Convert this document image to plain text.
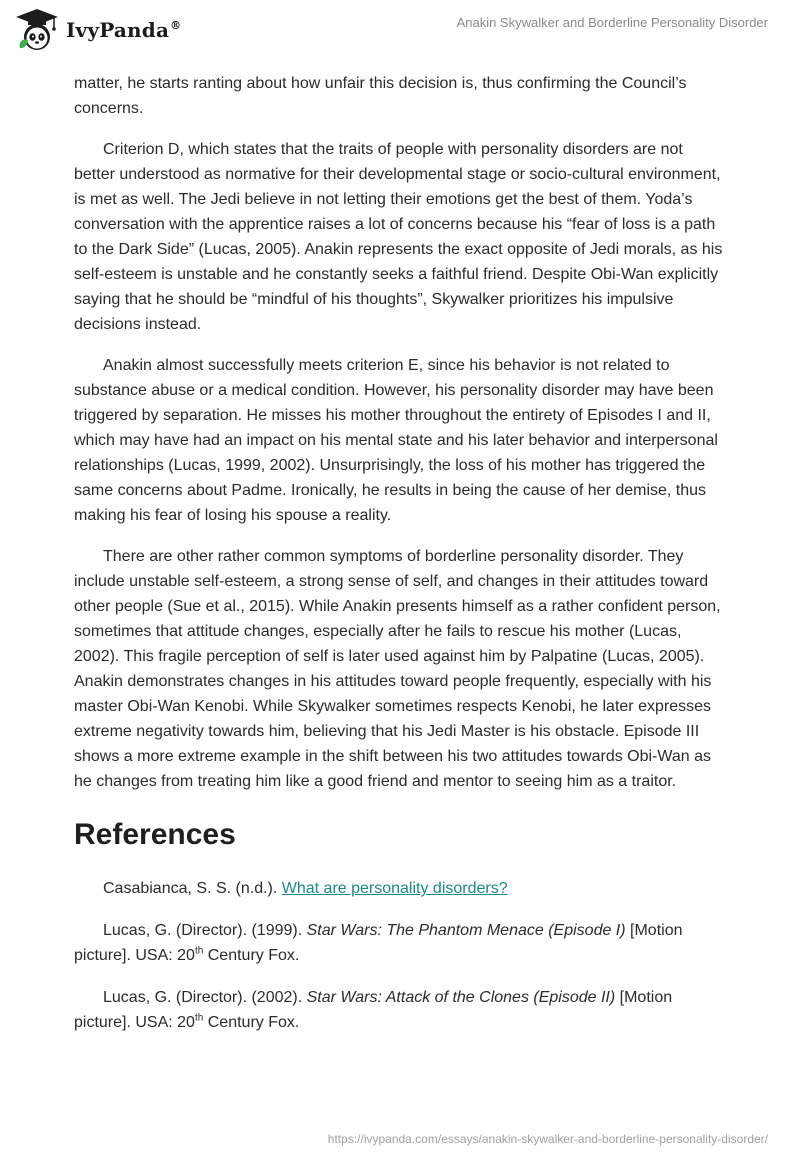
IvyPanda®	Anakin Skywalker and Borderline Personality Disorder

matter, he starts ranting about how unfair this decision is, thus confirming the Council’s concerns.

Criterion D, which states that the traits of people with personality disorders are not better understood as normative for their developmental stage or socio-cultural environment, is met as well. The Jedi believe in not letting their emotions get the best of them. Yoda’s conversation with the apprentice raises a lot of concerns because his “fear of loss is a path to the Dark Side” (Lucas, 2005). Anakin represents the exact opposite of Jedi morals, as his self-esteem is unstable and he constantly seeks a faithful friend. Despite Obi-Wan explicitly saying that he should be “mindful of his thoughts”, Skywalker prioritizes his impulsive decisions instead.

Anakin almost successfully meets criterion E, since his behavior is not related to substance abuse or a medical condition. However, his personality disorder may have been triggered by separation. He misses his mother throughout the entirety of Episodes I and II, which may have had an impact on his mental state and his later behavior and interpersonal relationships (Lucas, 1999, 2002). Unsurprisingly, the loss of his mother has triggered the same concerns about Padme. Ironically, he results in being the cause of her demise, thus making his fear of losing his spouse a reality.

There are other rather common symptoms of borderline personality disorder. They include unstable self-esteem, a strong sense of self, and changes in their attitudes toward other people (Sue et al., 2015). While Anakin presents himself as a rather confident person, sometimes that attitude changes, especially after he fails to rescue his mother (Lucas, 2002). This fragile perception of self is later used against him by Palpatine (Lucas, 2005). Anakin demonstrates changes in his attitudes toward people frequently, especially with his master Obi-Wan Kenobi. While Skywalker sometimes respects Kenobi, he later expresses extreme negativity towards him, believing that his Jedi Master is his obstacle. Episode III shows a more extreme example in the shift between his two attitudes towards Obi-Wan as he changes from treating him like a good friend and mentor to seeing him as a traitor.

References

Casabianca, S. S. (n.d.). What are personality disorders?

Lucas, G. (Director). (1999). Star Wars: The Phantom Menace (Episode I) [Motion picture]. USA: 20th Century Fox.

Lucas, G. (Director). (2002). Star Wars: Attack of the Clones (Episode II) [Motion picture]. USA: 20th Century Fox.

https://ivypanda.com/essays/anakin-skywalker-and-borderline-personality-disorder/
